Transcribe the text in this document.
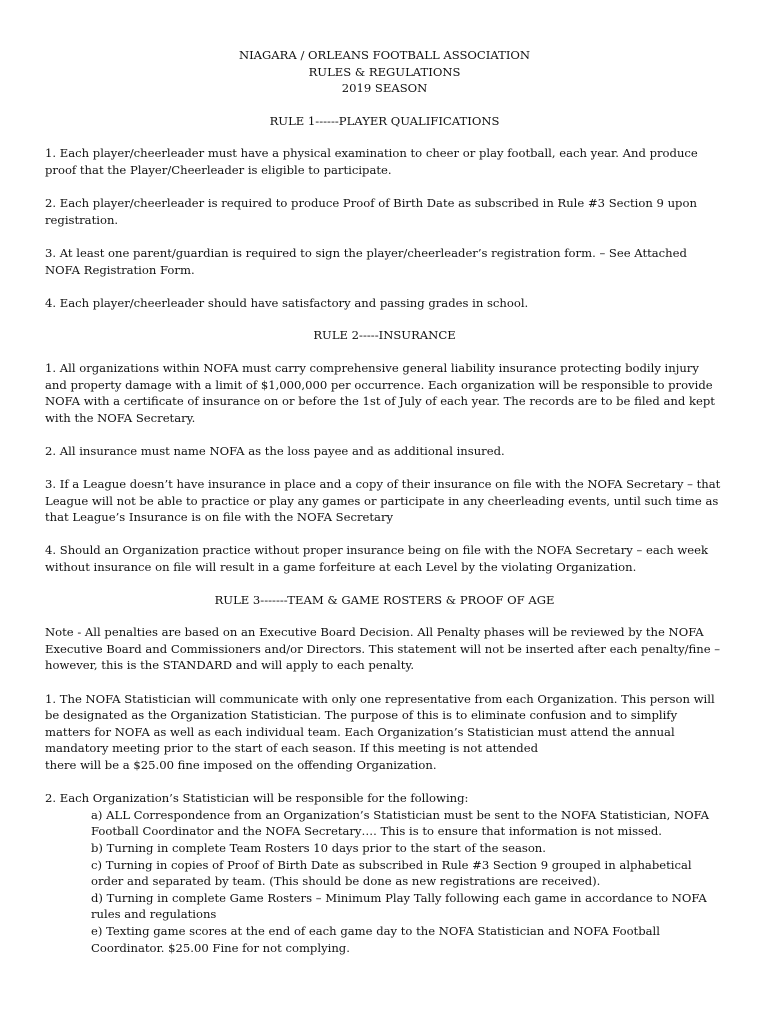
NIAGARA / ORLEANS FOOTBALL ASSOCIATION
RULES & REGULATIONS
2019 SEASON
RULE 1------PLAYER QUALIFICATIONS

1. Each player/cheerleader must have a physical examination to cheer or play football, each year. And produce proof that the Player/Cheerleader is eligible to participate.

2. Each player/cheerleader is required to produce Proof of Birth Date as subscribed in Rule #3 Section 9 upon registration.

3. At least one parent/guardian is required to sign the player/cheerleader’s registration form. – See Attached NOFA Registration Form.

4. Each player/cheerleader should have satisfactory and passing grades in school.

RULE 2-----INSURANCE

1. All organizations within NOFA must carry comprehensive general liability insurance protecting bodily injury and property damage with a limit of $1,000,000 per occurrence. Each organization will be responsible to provide NOFA with a certificate of insurance on or before the 1st of July of each year. The records are to be filed and kept with the NOFA Secretary.

2. All insurance must name NOFA as the loss payee and as additional insured.

3. If a League doesn’t have insurance in place and a copy of their insurance on file with the NOFA Secretary – that League will not be able to practice or play any games or participate in any cheerleading events, until such time as that League’s Insurance is on file with the NOFA Secretary

4. Should an Organization practice without proper insurance being on file with the NOFA Secretary – each week without insurance on file will result in a game forfeiture at each Level by the violating Organization.

RULE 3-------TEAM & GAME ROSTERS & PROOF OF AGE

Note - All penalties are based on an Executive Board Decision. All Penalty phases will be reviewed by the NOFA Executive Board and Commissioners and/or Directors. This statement will not be inserted after each penalty/fine – however, this is the STANDARD and will apply to each penalty.

1. The NOFA Statistician will communicate with only one representative from each Organization. This person will be designated as the Organization Statistician. The purpose of this is to eliminate confusion and to simplify matters for NOFA as well as each individual team. Each Organization’s Statistician must attend the annual mandatory meeting prior to the start of each season. If this meeting is not attended
there will be a $25.00 fine imposed on the offending Organization.

2. Each Organization’s Statistician will be responsible for the following:

a) ALL Correspondence from an Organization’s Statistician must be sent to the NOFA Statistician, NOFA Football Coordinator and the NOFA Secretary…. This is to ensure that information is not missed.

b) Turning in complete Team Rosters 10 days prior to the start of the season.

c) Turning in copies of Proof of Birth Date as subscribed in Rule #3 Section 9 grouped in alphabetical order and separated by team. (This should be done as new registrations are received).

d) Turning in complete Game Rosters – Minimum Play Tally following each game in accordance to NOFA rules and regulations

e) Texting game scores at the end of each game day to the NOFA Statistician and NOFA Football Coordinator. $25.00 Fine for not complying.
